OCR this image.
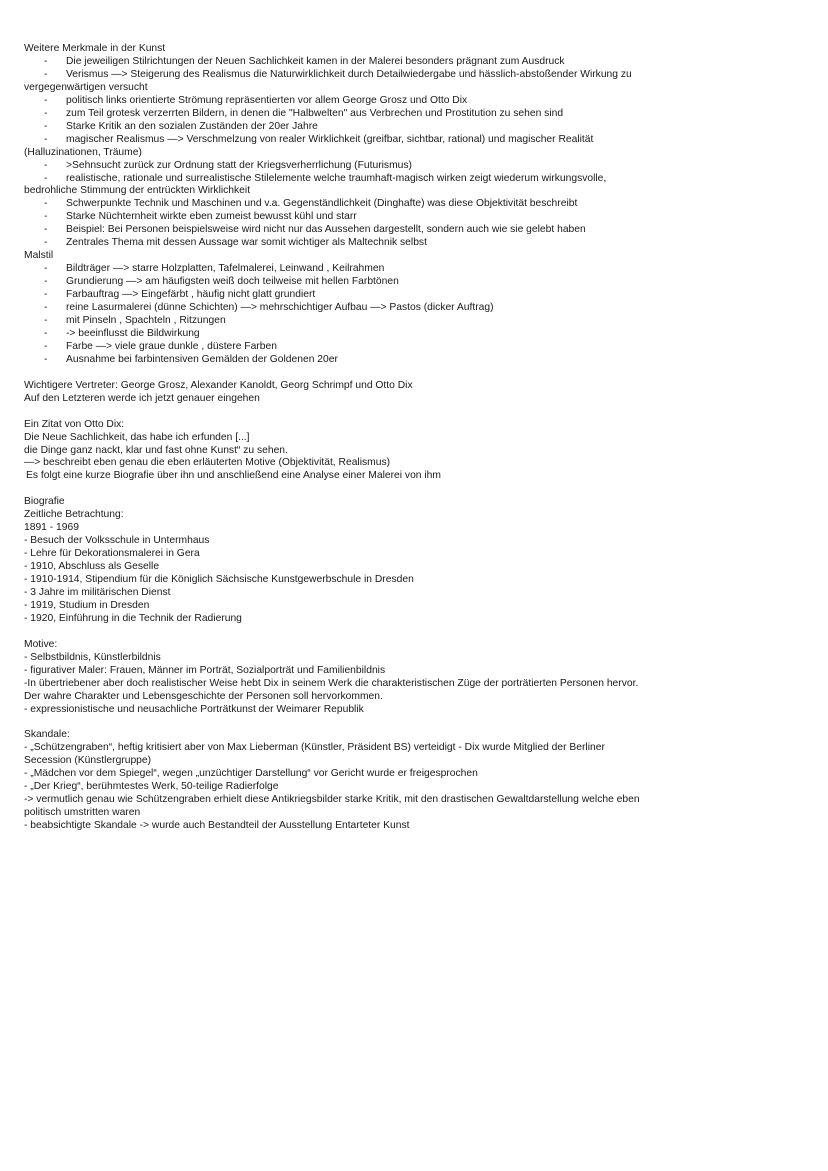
Weitere Merkmale in der Kunst
-	Die jeweiligen Stilrichtungen der Neuen Sachlichkeit kamen in der Malerei besonders prägnant zum Ausdruck
-	Verismus —> Steigerung des Realismus die Naturwirklichkeit durch Detailwiedergabe und hässlich-abstoßender Wirkung zu
vergegenwärtigen versucht
-	politisch links orientierte Strömung repräsentierten vor allem George Grosz und Otto Dix
-	zum Teil grotesk verzerrten Bildern, in denen die "Halbwelten" aus Verbrechen und Prostitution zu sehen sind
-	Starke Kritik an den sozialen Zuständen der 20er Jahre
-	magischer Realismus —> Verschmelzung von realer Wirklichkeit (greifbar, sichtbar, rational) und magischer Realität
(Halluzinationen, Träume)
-	>Sehnsucht zurück zur Ordnung statt der Kriegsverherrlichung (Futurismus)
-	realistische, rationale und surrealistische Stilelemente welche traumhaft-magisch wirken zeigt wiederum wirkungsvolle,
bedrohliche Stimmung der entrückten Wirklichkeit
-	Schwerpunkte Technik und Maschinen und v.a. Gegenständlichkeit (Dinghafte) was diese Objektivität beschreibt
-	Starke Nüchternheit wirkte eben zumeist bewusst kühl und starr
-	Beispiel: Bei Personen beispielsweise wird nicht nur das Aussehen dargestellt, sondern auch wie sie gelebt haben
-	Zentrales Thema mit dessen Aussage war somit wichtiger als Maltechnik selbst
Malstil
-	Bildträger —> starre Holzplatten, Tafelmalerei, Leinwand , Keilrahmen
-	Grundierung —> am häufigsten weiß doch teilweise mit hellen Farbtönen
-	Farbauftrag —> Eingefärbt , häufig nicht glatt grundiert
-	reine Lasurmalerei (dünne Schichten) —> mehrschichtiger Aufbau —> Pastos (dicker Auftrag)
-	mit Pinseln , Spachteln , Ritzungen
-	-> beeinflusst die Bildwirkung
-	Farbe —> viele graue dunkle , düstere Farben
-	Ausnahme bei farbintensiven Gemälden der Goldenen 20er
Wichtigere Vertreter: George Grosz, Alexander Kanoldt, Georg Schrimpf und Otto Dix
Auf den Letzteren werde ich jetzt genauer eingehen
Ein Zitat von Otto Dix:
Die Neue Sachlichkeit, das habe ich erfunden [...]
die Dinge ganz nackt, klar und fast ohne Kunst“ zu sehen.
—> beschreibt eben genau die eben erläuterten Motive (Objektivität, Realismus)
Es folgt eine kurze Biografie über ihn und anschließend eine Analyse einer Malerei von ihm
Biografie
Zeitliche Betrachtung:
1891 - 1969
- Besuch der Volksschule in Untermhaus
- Lehre für Dekorationsmalerei in Gera
- 1910, Abschluss als Geselle
- 1910-1914, Stipendium für die Königlich Sächsische Kunstgewerbschule in Dresden
- 3 Jahre im militärischen Dienst
- 1919, Studium in Dresden
- 1920, Einführung in die Technik der Radierung
Motive:
- Selbstbildnis, Künstlerbildnis
- figurativer Maler: Frauen, Männer im Porträt, Sozialporträt und Familienbildnis
-In übertriebener aber doch realistischer Weise hebt Dix in seinem Werk die charakteristischen Züge der porträtierten Personen hervor.
Der wahre Charakter und Lebensgeschichte der Personen soll hervorkommen.
- expressionistische und neusachliche Porträtkunst der Weimarer Republik
Skandale:
- „Schützengraben“, heftig kritisiert aber von Max Lieberman (Künstler, Präsident BS) verteidigt - Dix wurde Mitglied der Berliner
Secession (Künstlergruppe)
- „Mädchen vor dem Spiegel“, wegen „unzüchtiger Darstellung“ vor Gericht wurde er freigesprochen
- „Der Krieg“, berühmtestes Werk, 50-teilige Radierfolge
-> vermutlich genau wie Schützengraben erhielt diese Antikriegsbilder starke Kritik, mit den drastischen Gewaltdarstellung welche eben
politisch umstritten waren
- beabsichtigte Skandale -> wurde auch Bestandteil der Ausstellung Entarteter Kunst
